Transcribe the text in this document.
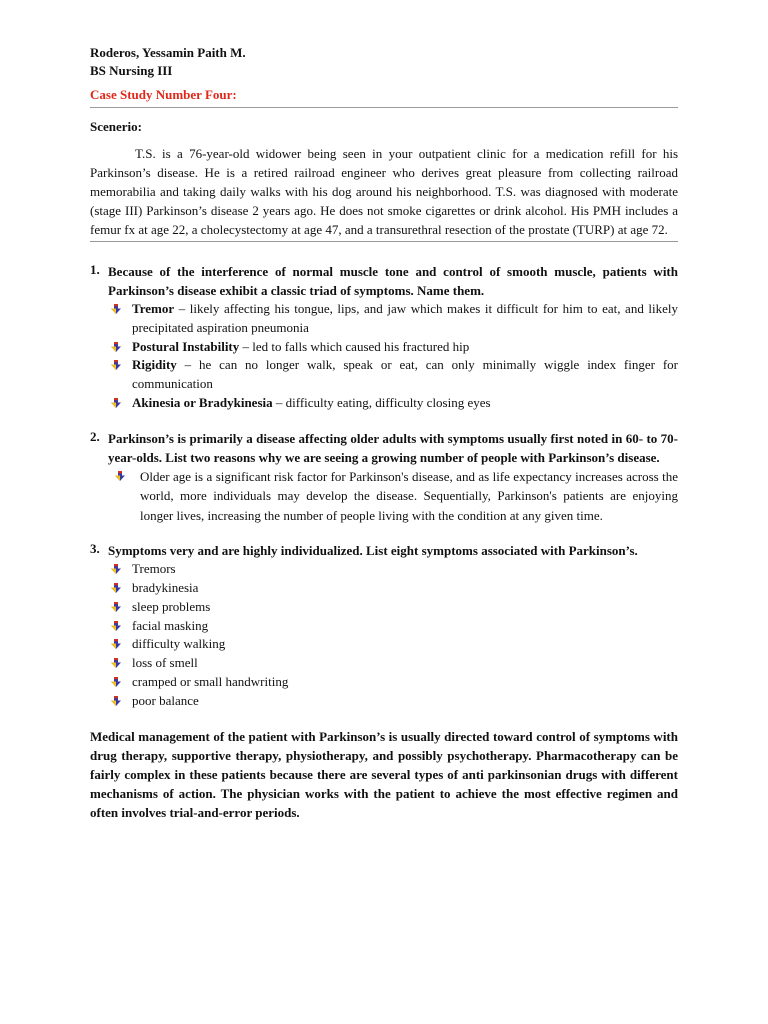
Roderos, Yessamin Paith M.
BS Nursing III
Case Study Number Four:
Scenerio:
T.S. is a 76-year-old widower being seen in your outpatient clinic for a medication refill for his Parkinson’s disease. He is a retired railroad engineer who derives great pleasure from collecting railroad memorabilia and taking daily walks with his dog around his neighborhood. T.S. was diagnosed with moderate (stage III) Parkinson’s disease 2 years ago. He does not smoke cigarettes or drink alcohol. His PMH includes a femur fx at age 22, a cholecystectomy at age 47, and a transurethral resection of the prostate (TURP) at age 72.
1. Because of the interference of normal muscle tone and control of smooth muscle, patients with Parkinson’s disease exhibit a classic triad of symptoms. Name them.
Tremor – likely affecting his tongue, lips, and jaw which makes it difficult for him to eat, and likely precipitated aspiration pneumonia
Postural Instability – led to falls which caused his fractured hip
Rigidity – he can no longer walk, speak or eat, can only minimally wiggle index finger for communication
Akinesia or Bradykinesia – difficulty eating, difficulty closing eyes
2. Parkinson’s is primarily a disease affecting older adults with symptoms usually first noted in 60- to 70-year-olds. List two reasons why we are seeing a growing number of people with Parkinson’s disease.
Older age is a significant risk factor for Parkinson's disease, and as life expectancy increases across the world, more individuals may develop the disease. Sequentially, Parkinson's patients are enjoying longer lives, increasing the number of people living with the condition at any given time.
3. Symptoms very and are highly individualized. List eight symptoms associated with Parkinson’s.
Tremors
bradykinesia
sleep problems
facial masking
difficulty walking
loss of smell
cramped or small handwriting
poor balance
Medical management of the patient with Parkinson’s is usually directed toward control of symptoms with drug therapy, supportive therapy, physiotherapy, and possibly psychotherapy. Pharmacotherapy can be fairly complex in these patients because there are several types of anti parkinsonian drugs with different mechanisms of action. The physician works with the patient to achieve the most effective regimen and often involves trial-and-error periods.
